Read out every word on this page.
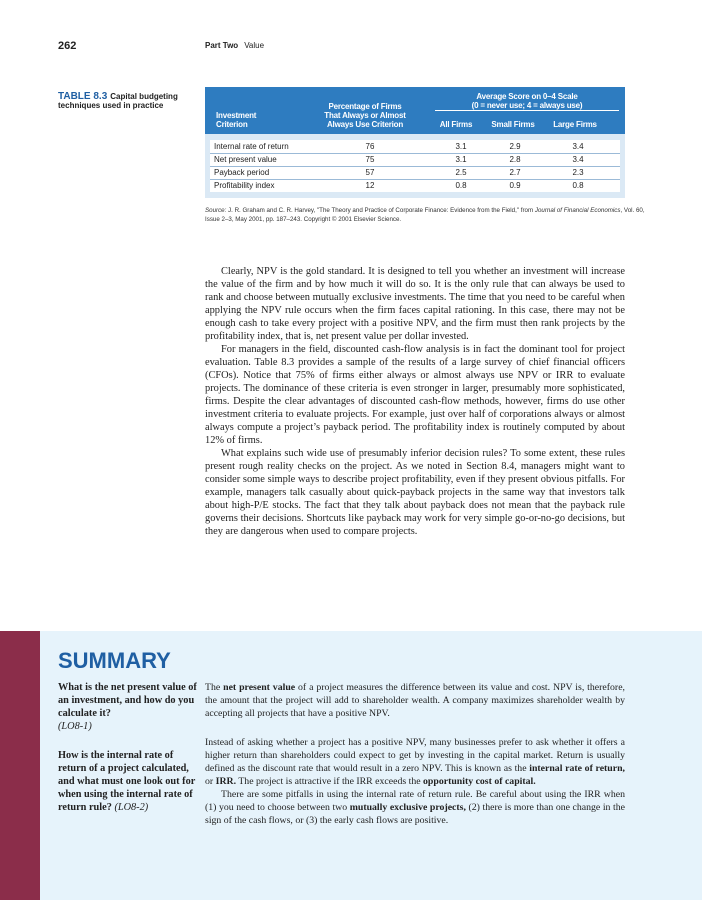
262	Part Two Value
TABLE 8.3 Capital budgeting techniques used in practice
Investment
Criterion
Percentage of Firms
That Always or Almost
Always Use Criterion
Average Score on 0–4 Scale
(0 = never use; 4 = always use)
All Firms	Small Firms	Large Firms
Internal rate of return	76	3.1	2.9	3.4
Net present value	75	3.1	2.8	3.4
Payback period	57	2.5	2.7	2.3
Profitability index	12	0.8	0.9	0.8
Source: J. R. Graham and C. R. Harvey, "The Theory and Practice of Corporate Finance: Evidence from the Field," from Journal of Financial Economics, Vol. 60, Issue 2–3, May 2001, pp. 187–243. Copyright © 2001 Elsevier Science.

Clearly, NPV is the gold standard. It is designed to tell you whether an investment will increase the value of the firm and by how much it will do so. It is the only rule that can always be used to rank and choose between mutually exclusive investments. The time that you need to be careful when applying the NPV rule occurs when the firm faces capital rationing. In this case, there may not be enough cash to take every project with a positive NPV, and the firm must then rank projects by the profitability index, that is, net present value per dollar invested.

For managers in the field, discounted cash-flow analysis is in fact the dominant tool for project evaluation. Table 8.3 provides a sample of the results of a large survey of chief financial officers (CFOs). Notice that 75% of firms either always or almost always use NPV or IRR to evaluate projects. The dominance of these criteria is even stronger in larger, presumably more sophisticated, firms. Despite the clear advantages of discounted cash-flow methods, however, firms do use other investment criteria to evaluate projects. For example, just over half of corporations always or almost always compute a project’s payback period. The profitability index is routinely computed by about 12% of firms.

What explains such wide use of presumably inferior decision rules? To some extent, these rules present rough reality checks on the project. As we noted in Section 8.4, managers might want to consider some simple ways to describe project profitability, even if they present obvious pitfalls. For example, managers talk casually about quick-payback projects in the same way that investors talk about high-P/E stocks. The fact that they talk about payback does not mean that the payback rule governs their decisions. Shortcuts like payback may work for very simple go-or-no-go decisions, but they are dangerous when used to compare projects.

SUMMARY
What is the net present value of an investment, and how do you calculate it?
(LO8-1)
How is the internal rate of return of a project calculated, and what must one look out for when using the internal rate of return rule? (LO8-2)

The net present value of a project measures the difference between its value and cost. NPV is, therefore, the amount that the project will add to shareholder wealth. A company maximizes shareholder wealth by accepting all projects that have a positive NPV.

Instead of asking whether a project has a positive NPV, many businesses prefer to ask whether it offers a higher return than shareholders could expect to get by investing in the capital market. Return is usually defined as the discount rate that would result in a zero NPV. This is known as the internal rate of return, or IRR. The project is attractive if the IRR exceeds the opportunity cost of capital.

There are some pitfalls in using the internal rate of return rule. Be careful about using the IRR when (1) you need to choose between two mutually exclusive projects, (2) there is more than one change in the sign of the cash flows, or (3) the early cash flows are positive.
